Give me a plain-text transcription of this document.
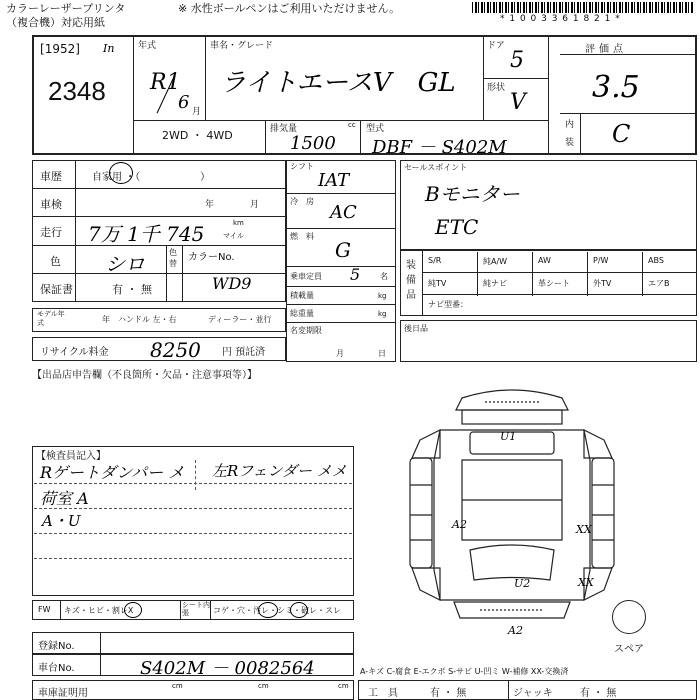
カラーレーザープリンタ
（複合機）対応用紙
※ 水性ボールペンはご利用いただけません。
* 1 0 0 3 3 6 1 8 2 1 *
[1952] In
2348
年式
R1
6 月
車名・グレード
ライトエースV　GL
ドア
5
形状
V
2WD ・ 4WD	排気量	cc
1500
型式
DBF － S402M
評価点
3.5
内装 C
車歴	自家用 ・（　　　　　　）
車検	年	月
走行 7万 1千 745	km
マイル
色 シロ	色替
カラーNo.
WD9
保証書	有 ・ 無
モデル年式	年 ハンドル 左・右	ディーラー・並行
リサイクル料金 8250 円 預託済
シフト
IAT
冷房
AC
燃料
G
乗車定員 5 名
積載量	kg
総重量	kg
名変期限
月	日
セールスポイント
Bモニター
ETC
装備品
S/R	純A/W	AW	P/W	ABS
純TV	純ナビ	革シート	外TV	エアB
ナビ型番：
後日品
【出品店申告欄（不良箇所・欠品・注意事項等）】
【検査員記入】
Rゲートダンパー メ 左Rフェンダー メメ
荷室 A
A・U
U1
A2	XX
U2	XX
A2
スペア
FW キズ・ヒビ・割レX
シート内張	コゲ・穴・汚レ・シミ・破レ・スレ
登録No.
車台No.	S402M － 0082564
車庫証明用
cm	cm	cm
A-キズ C-腐食 E-エクボ S-サビ U-凹ミ W-補修 XX-交換済
工具 有 ・ 無	ジャッキ	有 ・ 無
